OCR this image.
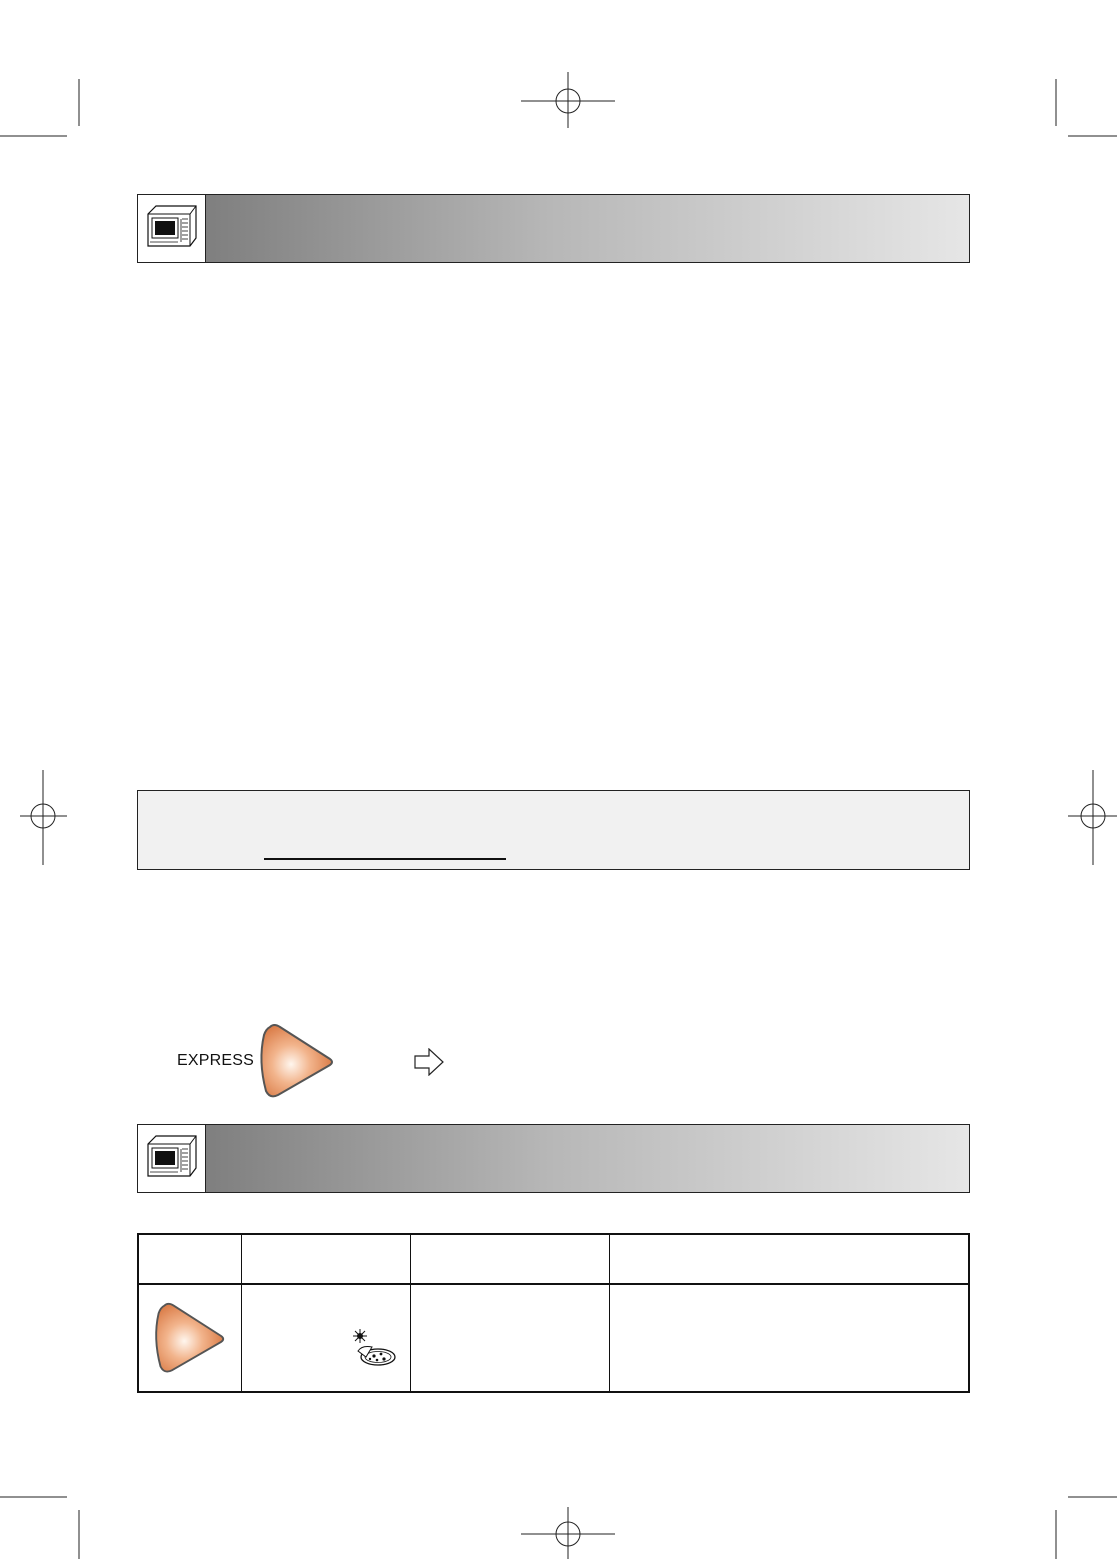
EXPRESS
